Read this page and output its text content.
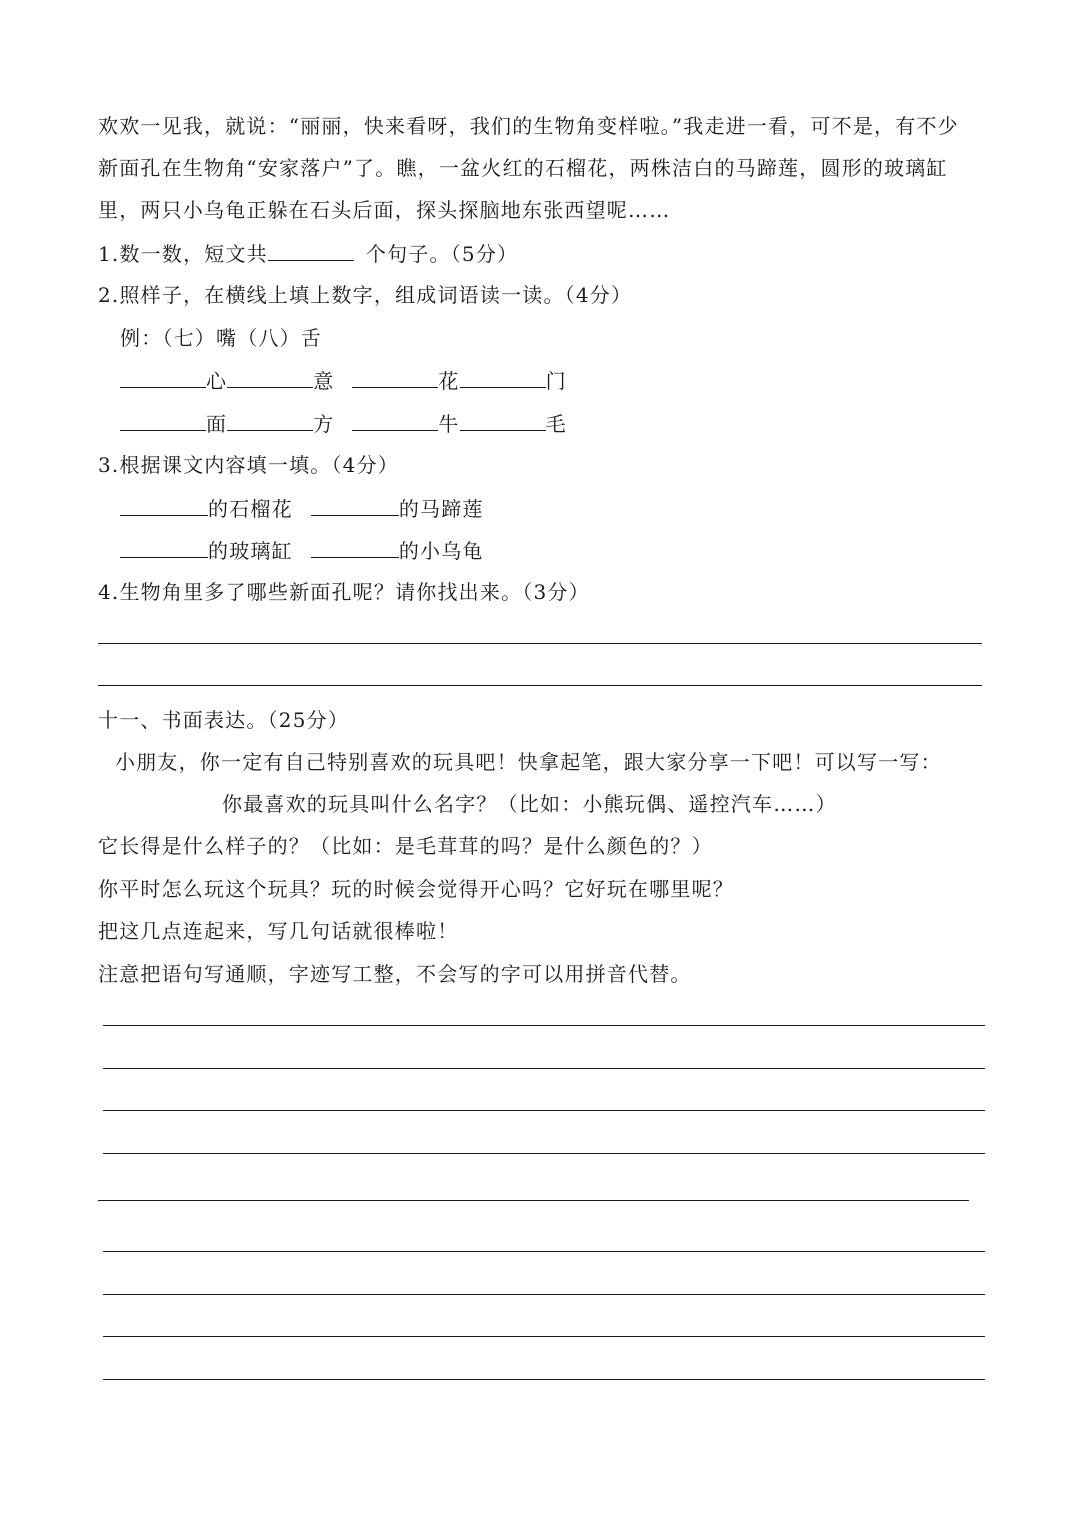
欢欢一见我，就说：“丽丽，快来看呀，我们的生物角变样啦。”我走进一看，可不是，有不少
新面孔在生物角“安家落户”了。瞧，一盆火红的石榴花，两株洁白的马蹄莲，圆形的玻璃缸
里，两只小乌龟正躲在石头后面，探头探脑地东张西望呢……
1.数一数，短文共	个句子。（5分）
2.照样子，在横线上填上数字，组成词语读一读。（4分）
例：（七）嘴（八）舌
心	意	花	门
面	方	牛	毛
3.根据课文内容填一填。（4分）
的石榴花	的马蹄莲
的玻璃缸	的小乌龟
4.生物角里多了哪些新面孔呢？请你找出来。（3分）
十一、书面表达。（25分）
小朋友，你一定有自己特别喜欢的玩具吧！快拿起笔，跟大家分享一下吧！可以写一写：
你最喜欢的玩具叫什么名字？（比如：小熊玩偶、遥控汽车……）
它长得是什么样子的？（比如：是毛茸茸的吗？是什么颜色的？）
你平时怎么玩这个玩具？玩的时候会觉得开心吗？它好玩在哪里呢？
把这几点连起来，写几句话就很棒啦！
注意把语句写通顺，字迹写工整，不会写的字可以用拼音代替。
